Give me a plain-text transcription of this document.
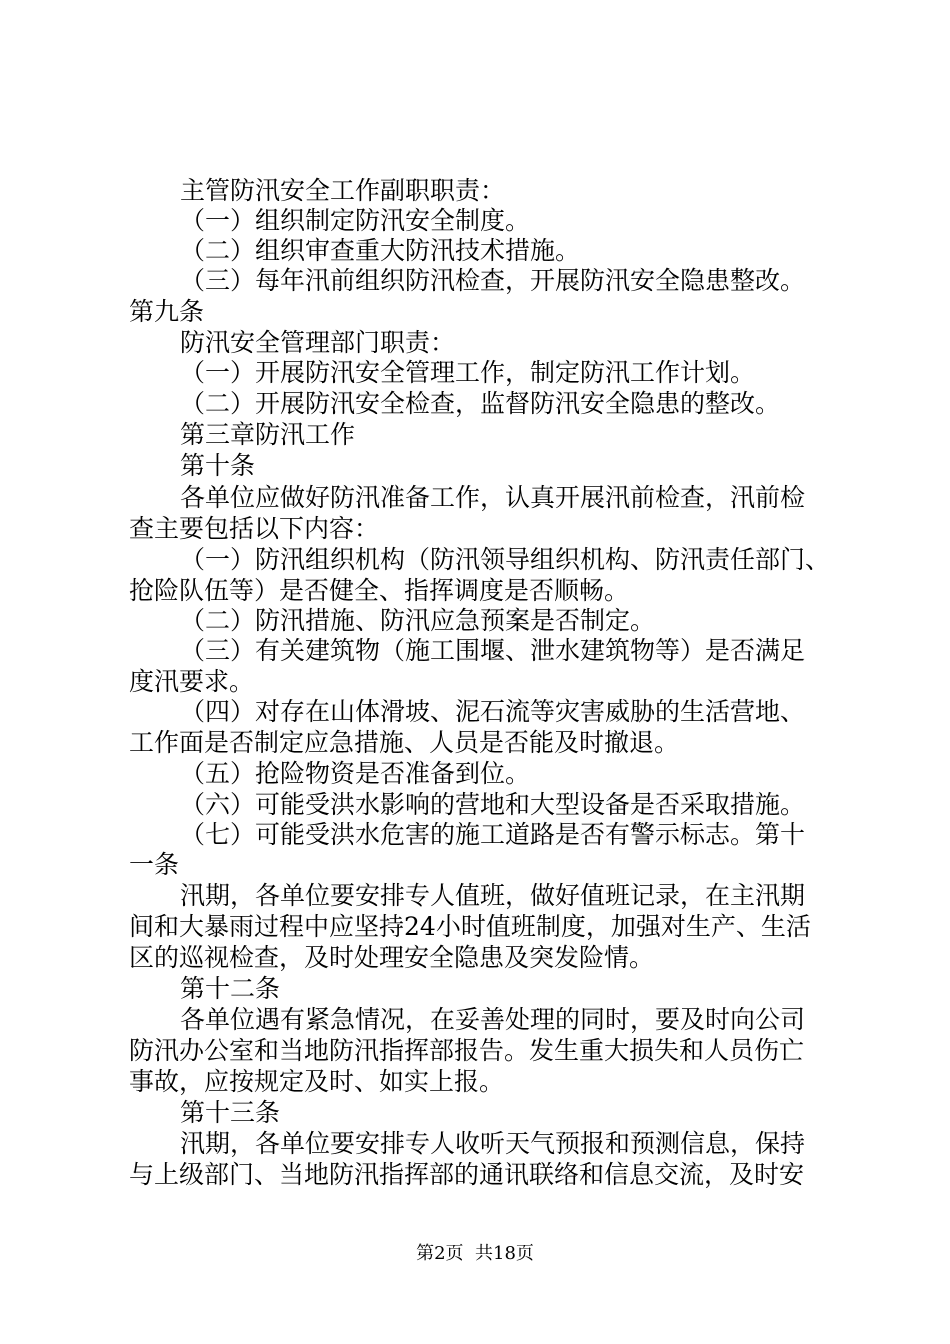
主管防汛安全工作副职职责：

（一）组织制定防汛安全制度。

（二）组织审查重大防汛技术措施。

（三）每年汛前组织防汛检查，开展防汛安全隐患整改。

第九条

防汛安全管理部门职责：

（一）开展防汛安全管理工作，制定防汛工作计划。

（二）开展防汛安全检查，监督防汛安全隐患的整改。

第三章防汛工作

第十条

各单位应做好防汛准备工作，认真开展汛前检查，汛前检

查主要包括以下内容：

（一）防汛组织机构（防汛领导组织机构、防汛责任部门、

抢险队伍等）是否健全、指挥调度是否顺畅。

（二）防汛措施、防汛应急预案是否制定。

（三）有关建筑物（施工围堰、泄水建筑物等）是否满足

度汛要求。

（四）对存在山体滑坡、泥石流等灾害威胁的生活营地、

工作面是否制定应急措施、人员是否能及时撤退。

（五）抢险物资是否准备到位。

（六）可能受洪水影响的营地和大型设备是否采取措施。

（七）可能受洪水危害的施工道路是否有警示标志。第十

一条

汛期，各单位要安排专人值班，做好值班记录，在主汛期

间和大暴雨过程中应坚持24小时值班制度，加强对生产、生活

区的巡视检查，及时处理安全隐患及突发险情。

第十二条

各单位遇有紧急情况，在妥善处理的同时，要及时向公司

防汛办公室和当地防汛指挥部报告。发生重大损失和人员伤亡

事故，应按规定及时、如实上报。

第十三条

汛期，各单位要安排专人收听天气预报和预测信息，保持

与上级部门、当地防汛指挥部的通讯联络和信息交流，及时安

第2页  共18页
